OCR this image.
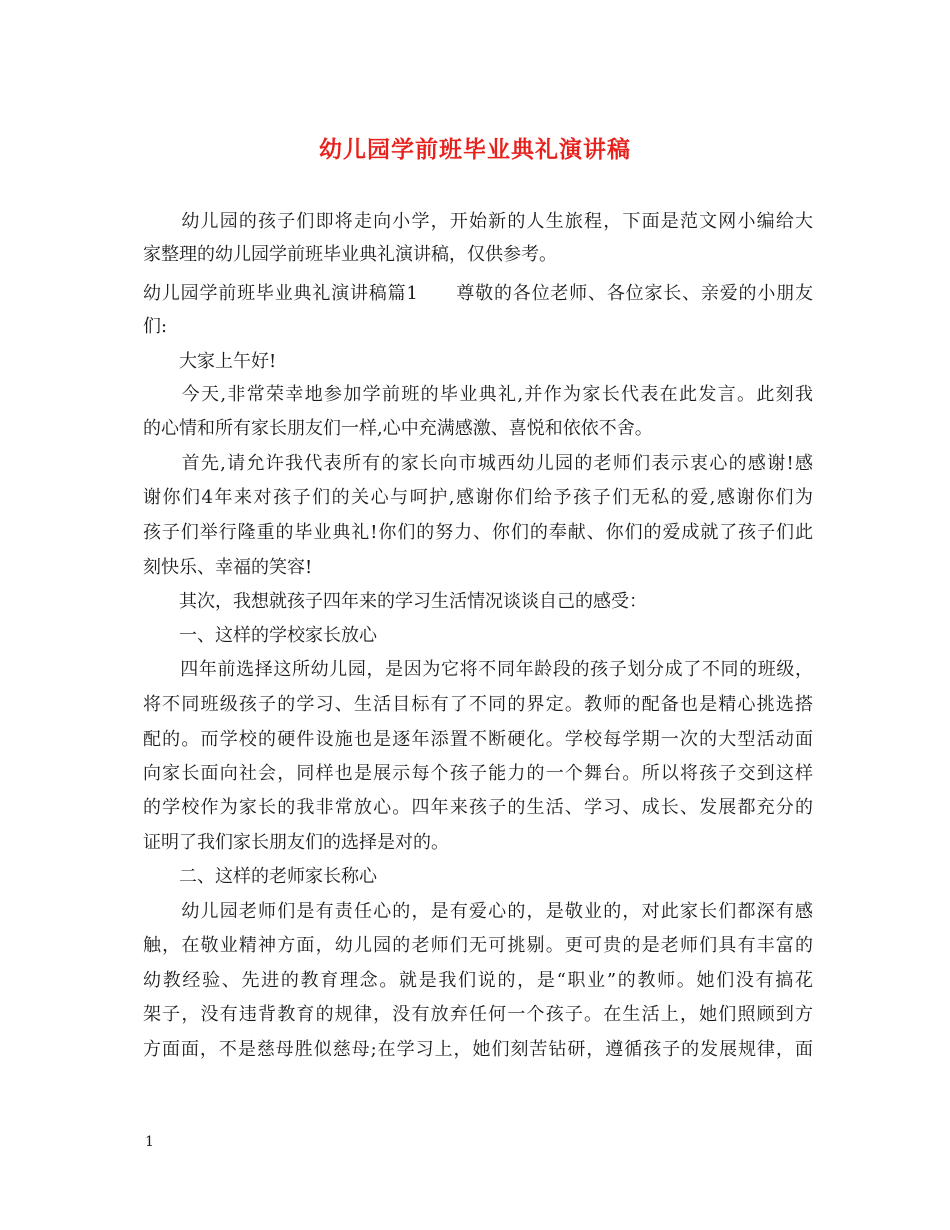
幼儿园学前班毕业典礼演讲稿
　　幼儿园的孩子们即将走向小学，开始新的人生旅程，下面是范文网小编给大
家整理的幼儿园学前班毕业典礼演讲稿，仅供参考。
幼儿园学前班毕业典礼演讲稿篇1　　尊敬的各位老师、各位家长、亲爱的小朋友
们:
　　大家上午好!
　　今天,非常荣幸地参加学前班的毕业典礼,并作为家长代表在此发言。此刻我
的心情和所有家长朋友们一样,心中充满感激、喜悦和依依不舍。
　　首先,请允许我代表所有的家长向市城西幼儿园的老师们表示衷心的感谢!感
谢你们4年来对孩子们的关心与呵护,感谢你们给予孩子们无私的爱,感谢你们为
孩子们举行隆重的毕业典礼!你们的努力、你们的奉献、你们的爱成就了孩子们此
刻快乐、幸福的笑容!
　　其次，我想就孩子四年来的学习生活情况谈谈自己的感受：
　　一、这样的学校家长放心
　　四年前选择这所幼儿园，是因为它将不同年龄段的孩子划分成了不同的班级，
将不同班级孩子的学习、生活目标有了不同的界定。教师的配备也是精心挑选搭
配的。而学校的硬件设施也是逐年添置不断硬化。学校每学期一次的大型活动面
向家长面向社会，同样也是展示每个孩子能力的一个舞台。所以将孩子交到这样
的学校作为家长的我非常放心。四年来孩子的生活、学习、成长、发展都充分的
证明了我们家长朋友们的选择是对的。
　　二、这样的老师家长称心
　　幼儿园老师们是有责任心的，是有爱心的，是敬业的，对此家长们都深有感
触，在敬业精神方面，幼儿园的老师们无可挑剔。更可贵的是老师们具有丰富的
幼教经验、先进的教育理念。就是我们说的，是“职业”的教师。她们没有搞花
架子，没有违背教育的规律，没有放弃任何一个孩子。在生活上，她们照顾到方
方面面，不是慈母胜似慈母;在学习上，她们刻苦钻研，遵循孩子的发展规律，面
1
